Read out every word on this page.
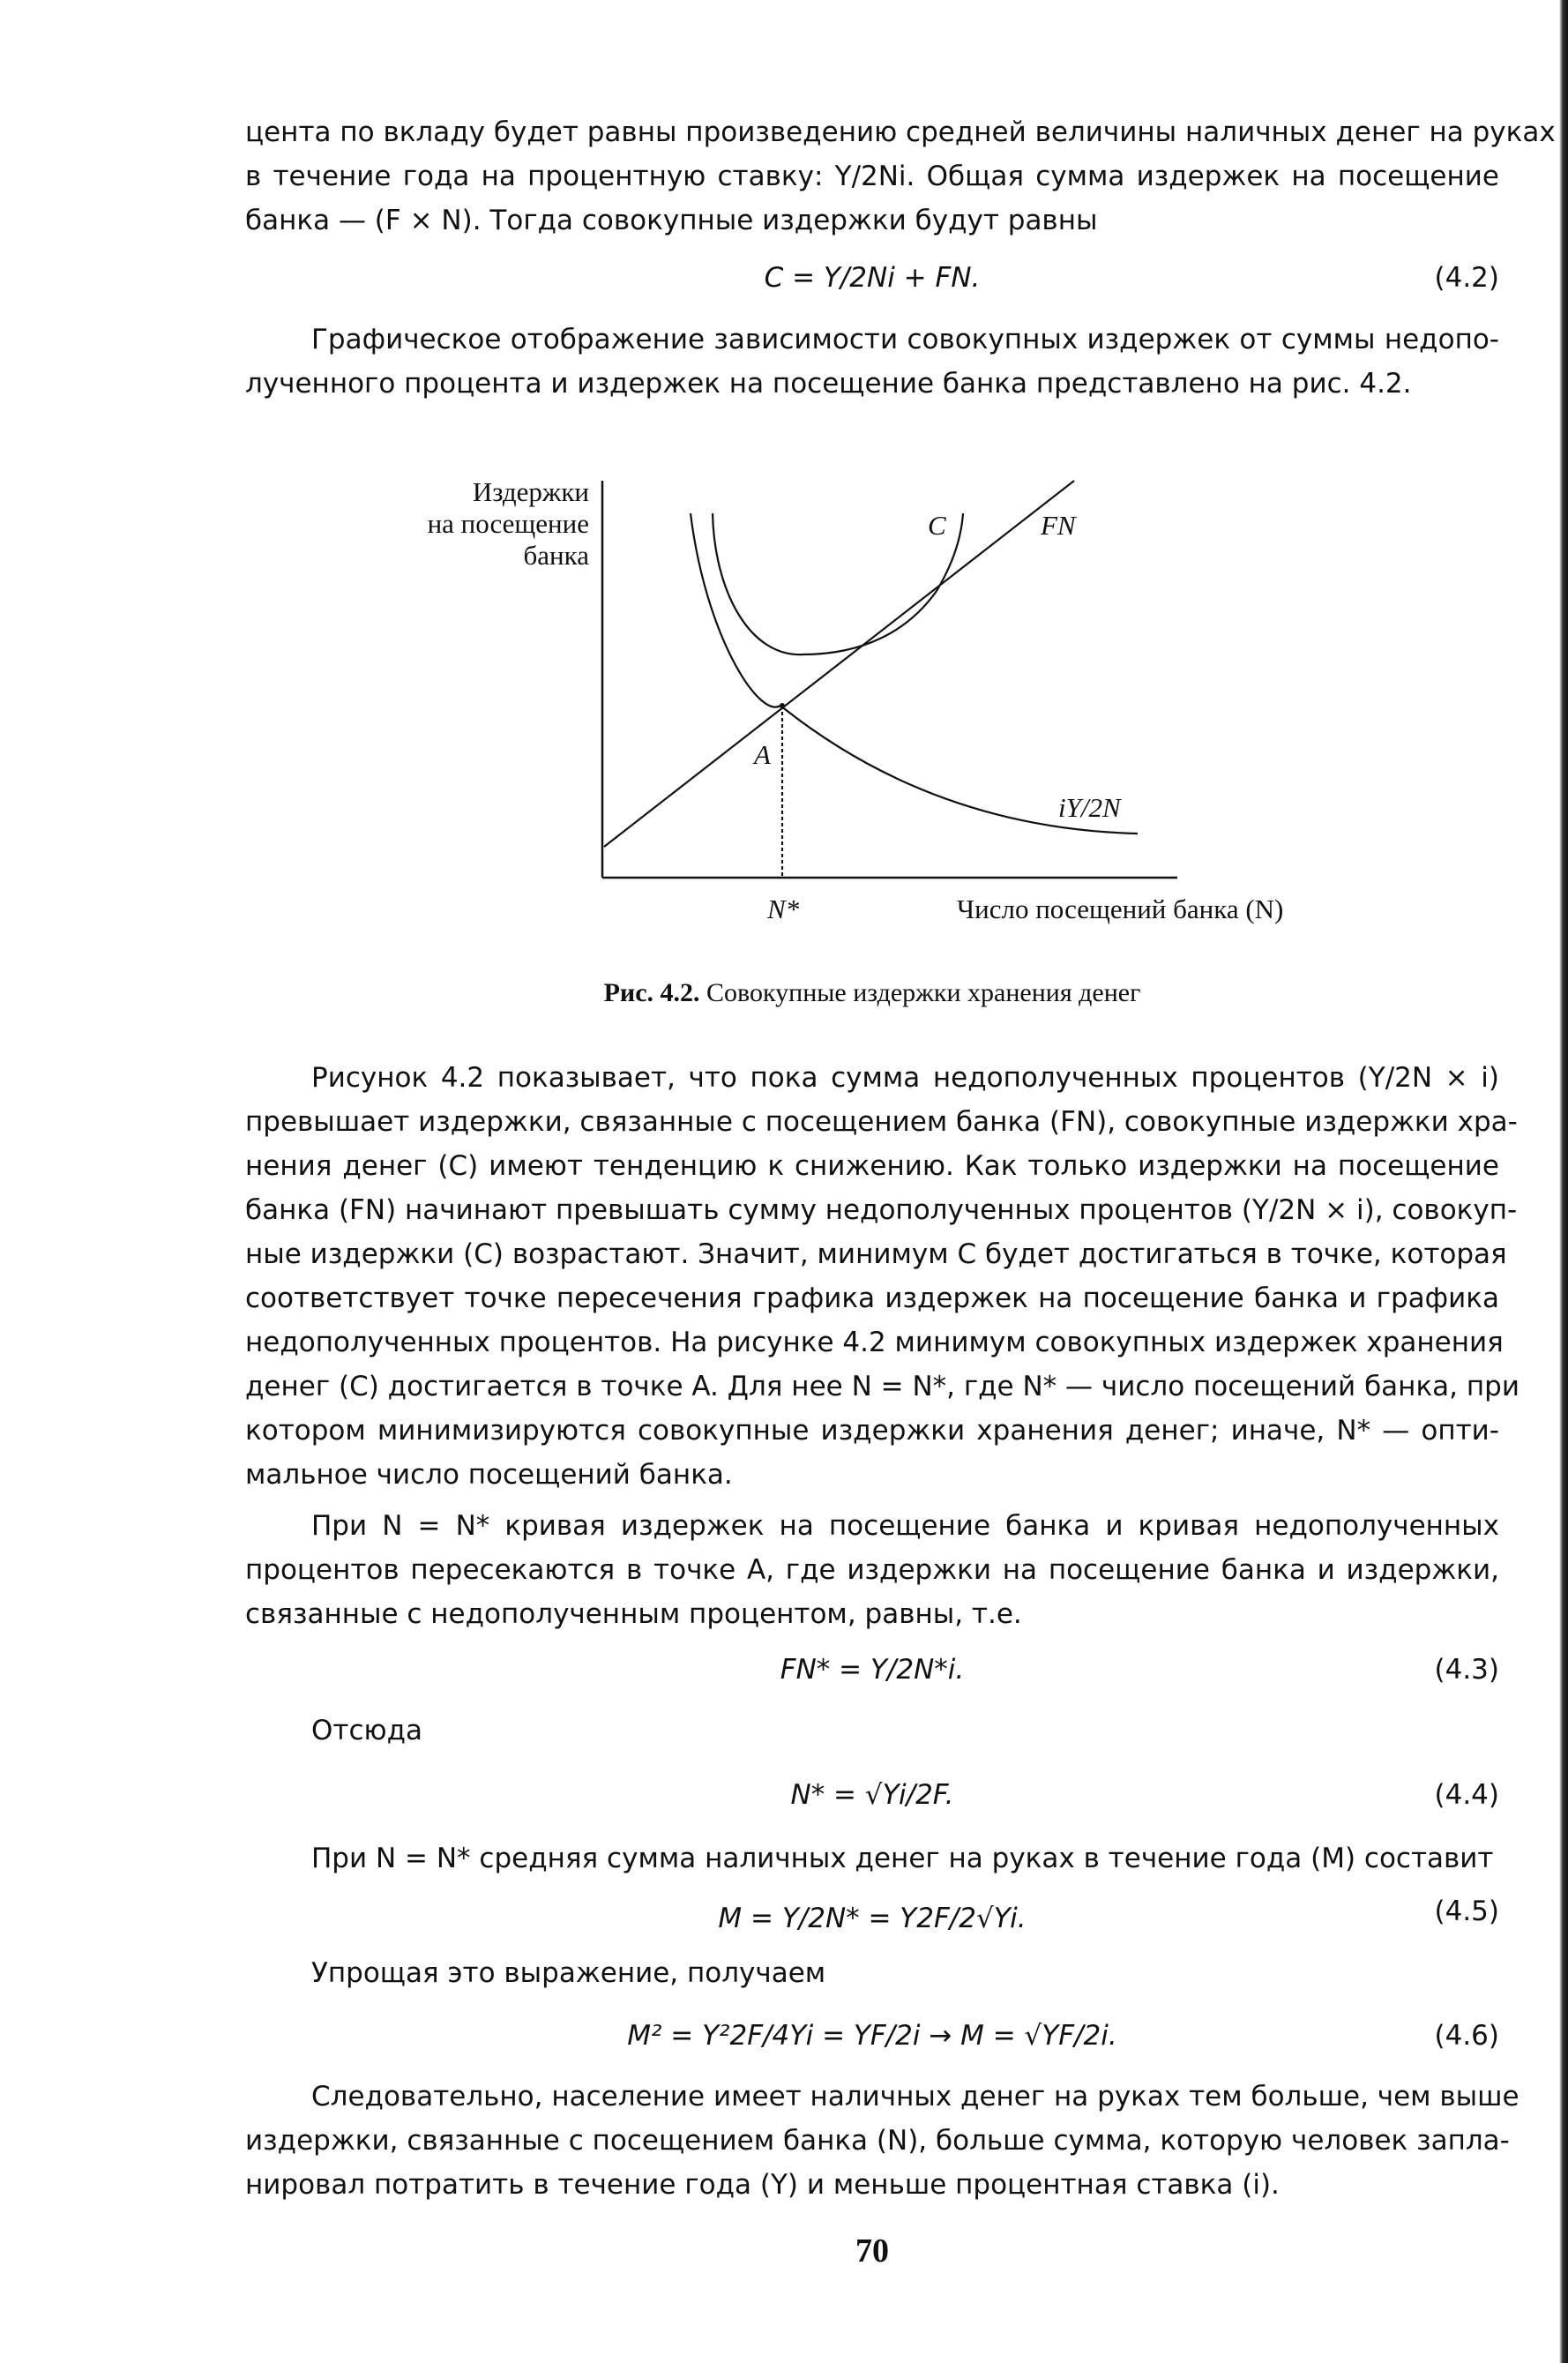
цента по вкладу будет равны произведению средней величины наличных денег на руках
в течение года на процентную ставку: Y/2Ni. Общая сумма издержек на посещение
банка — (F × N). Тогда совокупные издержки будут равны
C = Y/2Ni + FN.	(4.2)
Графическое отображение зависимости совокупных издержек от суммы недопо-
лученного процента и издержек на посещение банка представлено на рис. 4.2.
Издержки
на посещение
банка
C	FN
A
iY/2N
N*	Число посещений банка (N)
Рис. 4.2. Совокупные издержки хранения денег
Рисунок 4.2 показывает, что пока сумма недополученных процентов (Y/2N × i)
превышает издержки, связанные с посещением банка (FN), совокупные издержки хра-
нения денег (C) имеют тенденцию к снижению. Как только издержки на посещение
банка (FN) начинают превышать сумму недополученных процентов (Y/2N × i), совокуп-
ные издержки (C) возрастают. Значит, минимум C будет достигаться в точке, которая
соответствует точке пересечения графика издержек на посещение банка и графика
недополученных процентов. На рисунке 4.2 минимум совокупных издержек хранения
денег (C) достигается в точке A. Для нее N = N*, где N* — число посещений банка, при
котором минимизируются совокупные издержки хранения денег; иначе, N* — опти-
мальное число посещений банка.
При N = N* кривая издержек на посещение банка и кривая недополученных
процентов пересекаются в точке A, где издержки на посещение банка и издержки,
связанные с недополученным процентом, равны, т.е.
FN* = Y/2N*i.	(4.3)
Отсюда
N* = √Yi/2F.	(4.4)
При N = N* средняя сумма наличных денег на руках в течение года (M) составит
M = Y/2N* = Y2F/2√Yi.	(4.5)
Упрощая это выражение, получаем
M² = Y²2F/4Yi = YF/2i → M = √YF/2i.	(4.6)
Следовательно, население имеет наличных денег на руках тем больше, чем выше
издержки, связанные с посещением банка (N), больше сумма, которую человек запла-
нировал потратить в течение года (Y) и меньше процентная ставка (i).
70
